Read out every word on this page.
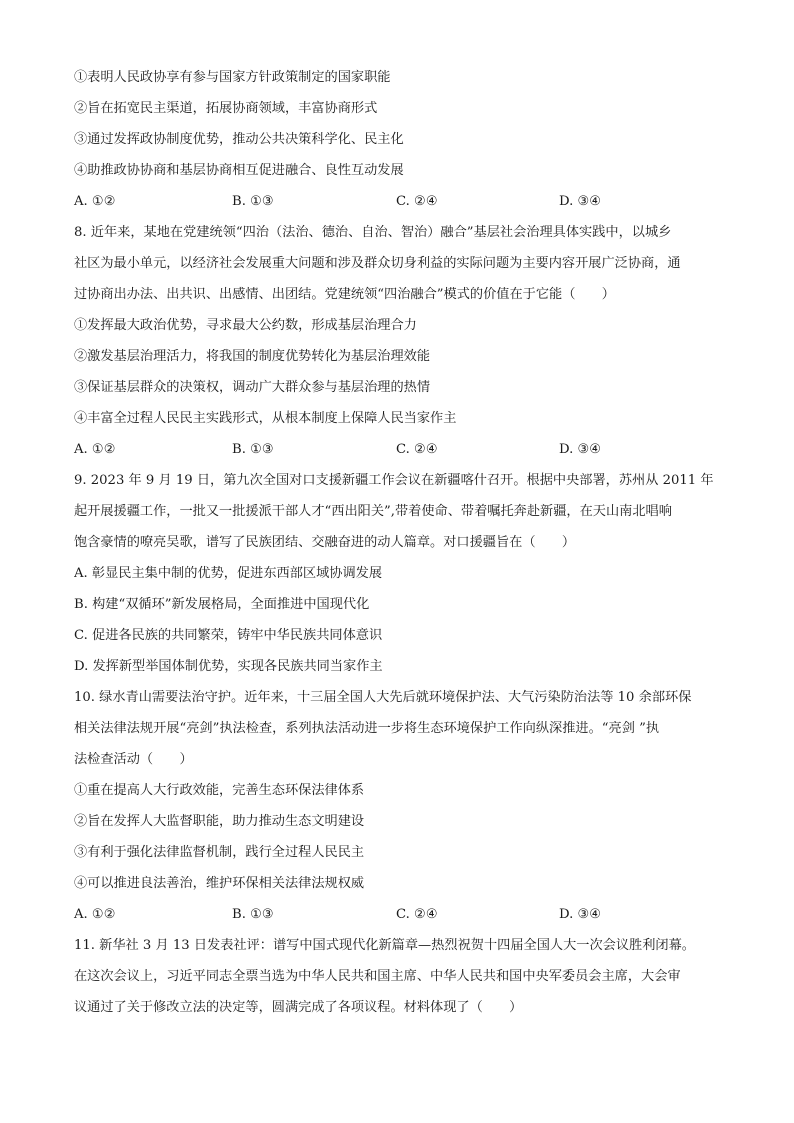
①表明人民政协享有参与国家方针政策制定的国家职能
②旨在拓宽民主渠道，拓展协商领域，丰富协商形式
③通过发挥政协制度优势，推动公共决策科学化、民主化
④助推政协协商和基层协商相互促进融合、良性互动发展
A. ①②	B. ①③	C. ②④	D. ③④
8. 近年来，某地在党建统领“四治（法治、德治、自治、智治）融合”基层社会治理具体实践中，以城乡
社区为最小单元，以经济社会发展重大问题和涉及群众切身利益的实际问题为主要内容开展广泛协商，通
过协商出办法、出共识、出感情、出团结。党建统领“四治融合”模式的价值在于它能（　　）
①发挥最大政治优势，寻求最大公约数，形成基层治理合力
②激发基层治理活力，将我国的制度优势转化为基层治理效能
③保证基层群众的决策权，调动广大群众参与基层治理的热情
④丰富全过程人民民主实践形式，从根本制度上保障人民当家作主
A. ①②	B. ①③	C. ②④	D. ③④
9. 2023 年 9 月 19 日，第九次全国对口支援新疆工作会议在新疆喀什召开。根据中央部署，苏州从 2011 年
起开展援疆工作，一批又一批援派干部人才“西出阳关”,带着使命、带着嘱托奔赴新疆，在天山南北唱响
饱含豪情的嘹亮吴歌，谱写了民族团结、交融奋进的动人篇章。对口援疆旨在（　　）
A. 彰显民主集中制的优势，促进东西部区域协调发展
B. 构建“双循环”新发展格局，全面推进中国现代化
C. 促进各民族的共同繁荣，铸牢中华民族共同体意识
D. 发挥新型举国体制优势，实现各民族共同当家作主
10. 绿水青山需要法治守护。近年来，十三届全国人大先后就环境保护法、大气污染防治法等 10 余部环保
相关法律法规开展“亮剑”执法检查，系列执法活动进一步将生态环境保护工作向纵深推进。“亮剑 ”执
法检查活动（　　）
①重在提高人大行政效能，完善生态环保法律体系
②旨在发挥人大监督职能，助力推动生态文明建设
③有利于强化法律监督机制，践行全过程人民民主
④可以推进良法善治，维护环保相关法律法规权威
A. ①②	B. ①③	C. ②④	D. ③④
11. 新华社 3 月 13 日发表社评：谱写中国式现代化新篇章—热烈祝贺十四届全国人大一次会议胜利闭幕。
在这次会议上，习近平同志全票当选为中华人民共和国主席、中华人民共和国中央军委员会主席，大会审
议通过了关于修改立法的决定等，圆满完成了各项议程。材料体现了（　　）
